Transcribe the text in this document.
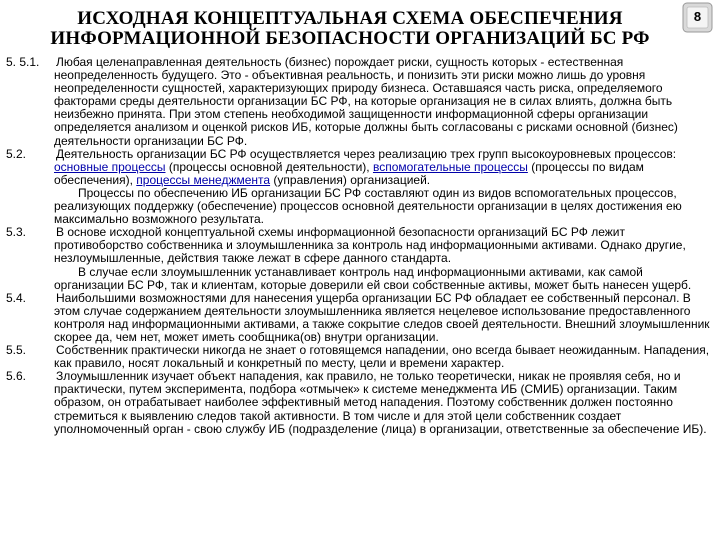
ИСХОДНАЯ КОНЦЕПТУАЛЬНАЯ СХЕМА ОБЕСПЕЧЕНИЯ
ИНФОРМАЦИОННОЙ БЕЗОПАСНОСТИ ОРГАНИЗАЦИЙ БС РФ
8

5. 5.1. Любая целенаправленная деятельность (бизнес) порождает риски, сущность которых - естественная неопределенность будущего. Это - объективная реальность, и понизить эти риски можно лишь до уровня неопределенности сущностей, характеризующих природу бизнеса. Оставшаяся часть риска, определяемого факторами среды деятельности организации БС РФ, на которые организация не в силах влиять, должна быть неизбежно принята. При этом степень необходимой защищенности информационной сферы организации определяется анализом и оценкой рисков ИБ, которые должны быть согласованы с рисками основной (бизнес) деятельности организации БС РФ.

5.2. Деятельность организации БС РФ осуществляется через реализацию трех групп высокоуровневых процессов: основные процессы (процессы основной деятельности), вспомогательные процессы (процессы по видам обеспечения), процессы менеджмента (управления) организацией.

Процессы по обеспечению ИБ организации БС РФ составляют один из видов вспомогательных процессов, реализующих поддержку (обеспечение) процессов основной деятельности организации в целях достижения ею максимально возможного результата.

5.3. В основе исходной концептуальной схемы информационной безопасности организаций БС РФ лежит противоборство собственника и злоумышленника за контроль над информационными активами. Однако другие, незлоумышленные, действия также лежат в сфере данного стандарта.

В случае если злоумышленник устанавливает контроль над информационными активами, как самой организации БС РФ, так и клиентам, которые доверили ей свои собственные активы, может быть нанесен ущерб.

5.4. Наибольшими возможностями для нанесения ущерба организации БС РФ обладает ее собственный персонал. В этом случае содержанием деятельности злоумышленника является нецелевое использование предоставленного контроля над информационными активами, а также сокрытие следов своей деятельности. Внешний злоумышленник скорее да, чем нет, может иметь сообщника(ов) внутри организации.

5.5. Собственник практически никогда не знает о готовящемся нападении, оно всегда бывает неожиданным. Нападения, как правило, носят локальный и конкретный по месту, цели и времени характер.

5.6. Злоумышленник изучает объект нападения, как правило, не только теоретически, никак не проявляя себя, но и практически, путем эксперимента, подбора «отмычек» к системе менеджмента ИБ (СМИБ) организации. Таким образом, он отрабатывает наиболее эффективный метод нападения. Поэтому собственник должен постоянно стремиться к выявлению следов такой активности. В том числе и для этой цели собственник создает уполномоченный орган - свою службу ИБ (подразделение (лица) в организации, ответственные за обеспечение ИБ).
